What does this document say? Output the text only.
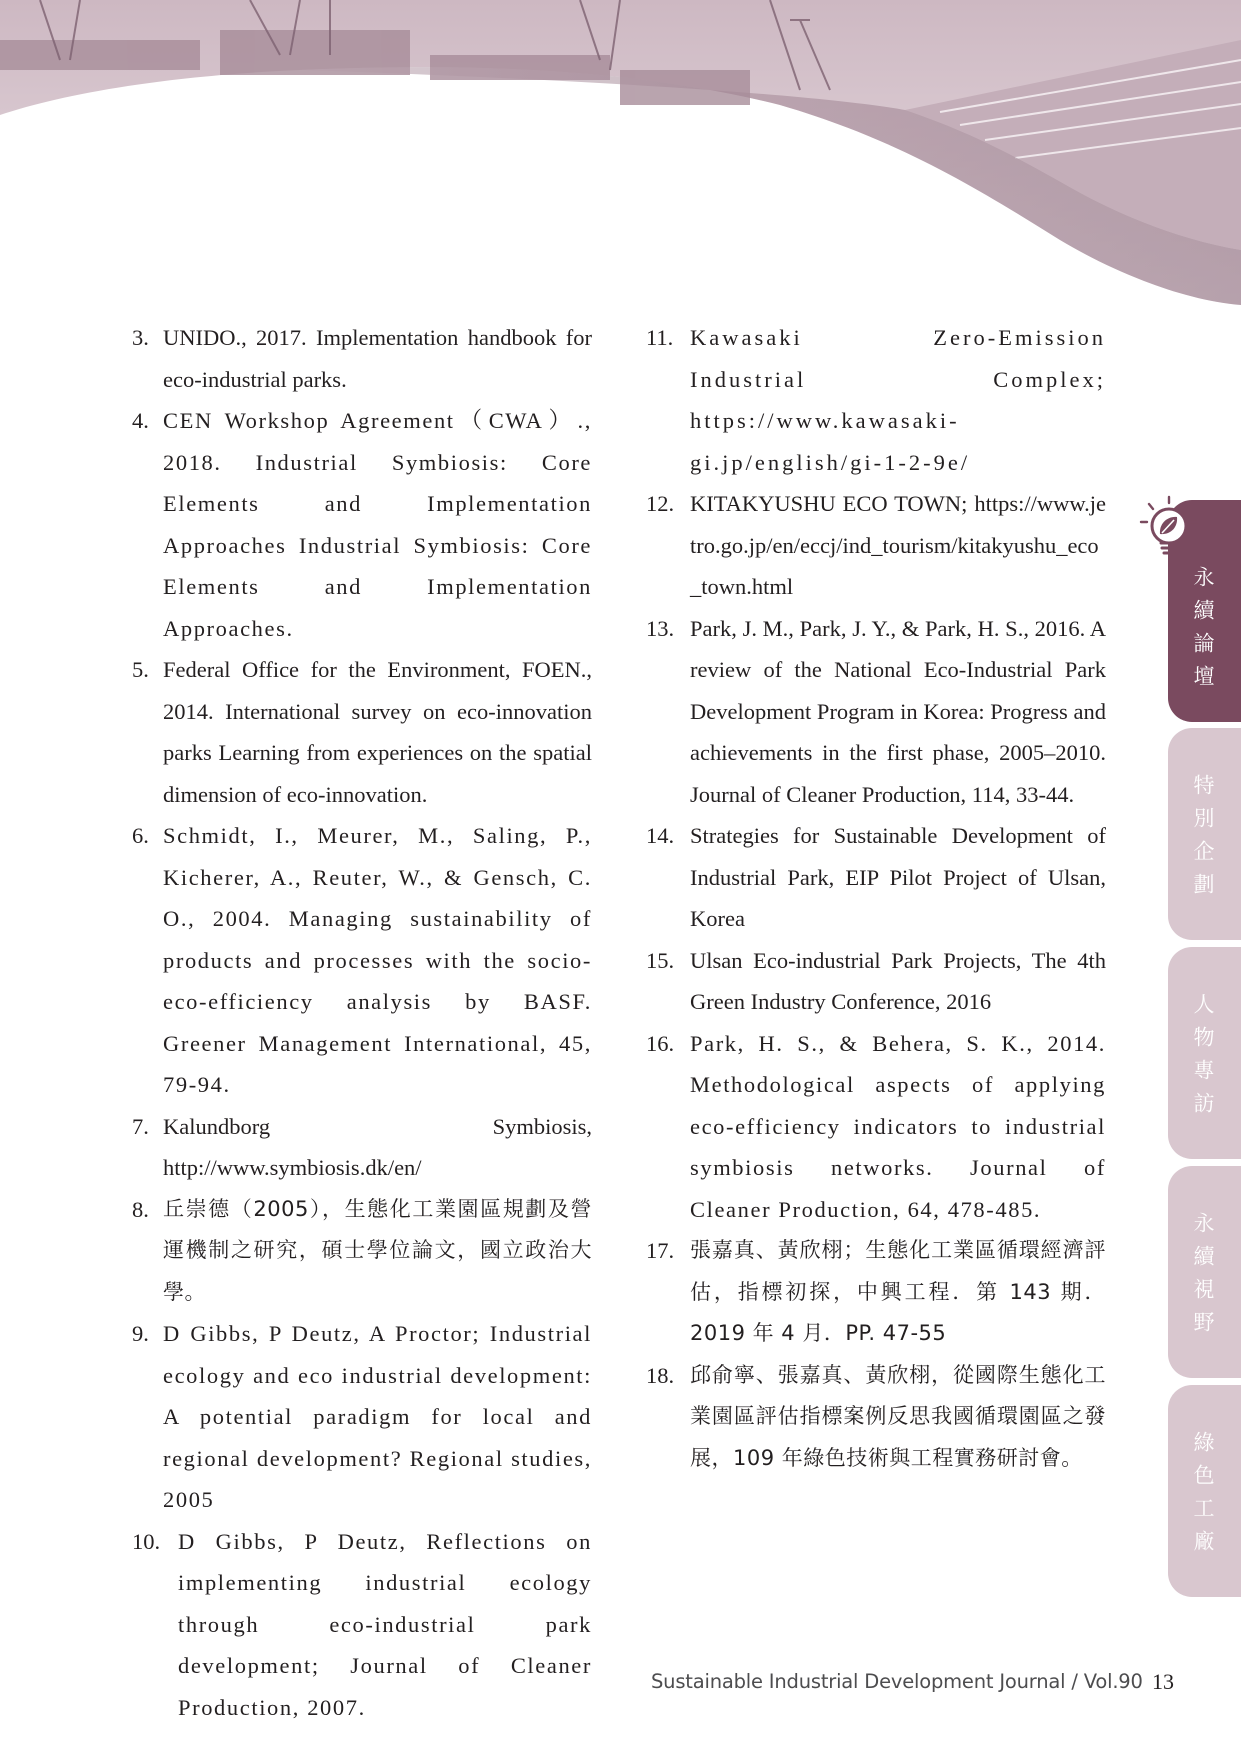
3. UNIDO., 2017. Implementation handbook for eco-industrial parks.
4. CEN Workshop Agreement（CWA）., 2018. Industrial Symbiosis: Core Elements and Implementation Approaches Industrial Symbiosis: Core Elements and Implementation Approaches.
5. Federal Office for the Environment, FOEN., 2014. International survey on eco-innovation parks Learning from experiences on the spatial dimension of eco-innovation.
6. Schmidt, I., Meurer, M., Saling, P., Kicherer, A., Reuter, W., & Gensch, C. O., 2004. Managing sustainability of products and processes with the socio-eco-efficiency analysis by BASF. Greener Management International, 45, 79-94.
7. Kalundborg Symbiosis, http://www.symbiosis.dk/en/
8. 丘崇德（2005），生態化工業園區規劃及營運機制之研究，碩士學位論文，國立政治大學。
9. D Gibbs, P Deutz, A Proctor; Industrial ecology and eco industrial development: A potential paradigm for local and regional development? Regional studies, 2005
10. D Gibbs, P Deutz, Reflections on implementing industrial ecology through eco-industrial park development; Journal of Cleaner Production, 2007.
11. Kawasaki Zero-Emission Industrial Complex; https://www.kawasaki-gi.jp/english/gi-1-2-9e/
12. KITAKYUSHU ECO TOWN; https://www.jetro.go.jp/en/eccj/ind_tourism/kitakyushu_eco_town.html
13. Park, J. M., Park, J. Y., & Park, H. S., 2016. A review of the National Eco-Industrial Park Development Program in Korea: Progress and achievements in the first phase, 2005–2010. Journal of Cleaner Production, 114, 33-44.
14. Strategies for Sustainable Development of Industrial Park, EIP Pilot Project of Ulsan, Korea
15. Ulsan Eco-industrial Park Projects, The 4th Green Industry Conference, 2016
16. Park, H. S., & Behera, S. K., 2014. Methodological aspects of applying eco-efficiency indicators to industrial symbiosis networks. Journal of Cleaner Production, 64, 478-485.
17. 張嘉真、黃欣栩；生態化工業區循環經濟評估，指標初探，中興工程．第 143 期．2019 年 4 月．PP. 47-55
18. 邱俞寧、張嘉真、黃欣栩，從國際生態化工業園區評估指標案例反思我國循環園區之發展，109 年綠色技術與工程實務研討會。
永續論壇
特別企劃
人物專訪
永續視野
綠色工廠
Sustainable Industrial Development Journal / Vol.90 13
